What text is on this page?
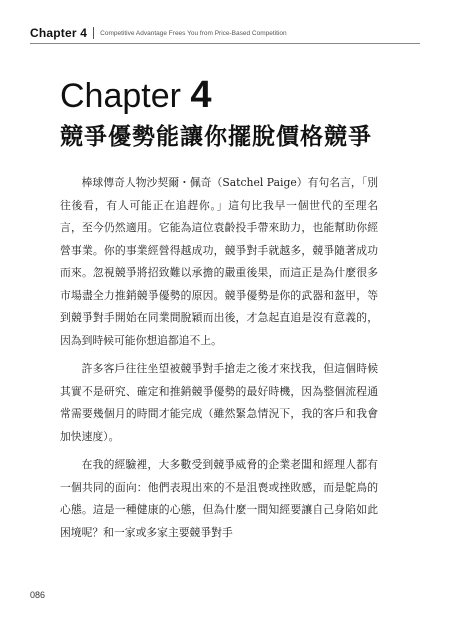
Chapter 4 Competitive Advantage Frees You from Price-Based Competition
Chapter 4
競爭優勢能讓你擺脫價格競爭

棒球傳奇人物沙契爾・佩奇（Satchel Paige）有句名言，「別往後看，有人可能正在追趕你。」這句比我早一個世代的至理名言，至今仍然適用。它能為這位袁齡投手帶來助力，也能幫助你經營事業。你的事業經營得越成功，競爭對手就越多，競爭隨著成功而來。忽視競爭將招致難以承擔的嚴重後果，而這正是為什麼很多市場盡全力推銷競爭優勢的原因。競爭優勢是你的武器和盔甲，等到競爭對手開始在同業間脫穎而出後，才急起直追是沒有意義的，因為到時候可能你想追都追不上。

許多客戶往往坐望被競爭對手搶走之後才來找我，但這個時候其實不是研究、確定和推銷競爭優勢的最好時機，因為整個流程通常需要幾個月的時間才能完成（雖然緊急情況下，我的客戶和我會加快速度）。

在我的經驗裡，大多數受到競爭威脅的企業老闆和經理人都有一個共同的面向：他們表現出來的不是沮喪或挫敗感，而是鴕鳥的心態。這是一種健康的心態，但為什麼一間知經要讓自己身陷如此困境呢？和一家或多家主要競爭對手

086
